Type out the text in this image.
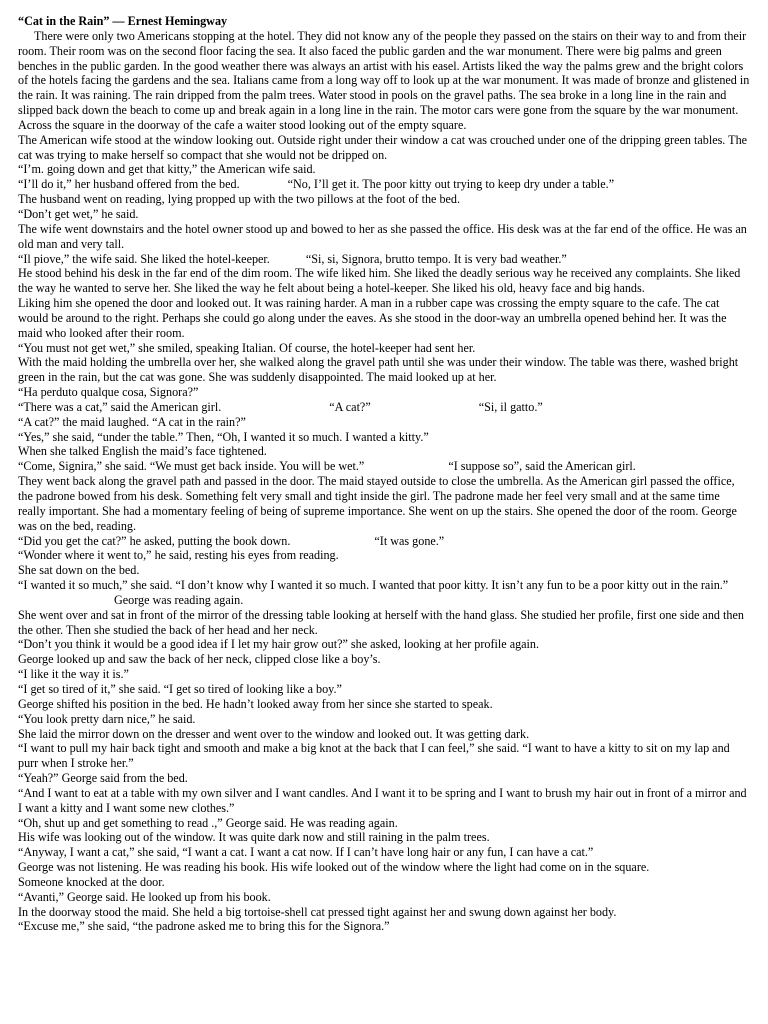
“Cat in the Rain” — Ernest Hemingway
There were only two Americans stopping at the hotel. They did not know any of the people they passed on the stairs on their way to and from their room. Their room was on the second floor facing the sea. It also faced the public garden and the war monument. There were big palms and green benches in the public garden. In the good weather there was always an artist with his easel. Artists liked the way the palms grew and the bright colors of the hotels facing the gardens and the sea. Italians came from a long way off to look up at the war monument. It was made of bronze and glistened in the rain. It was raining. The rain dripped from the palm trees. Water stood in pools on the gravel paths. The sea broke in a long line in the rain and slipped back down the beach to come up and break again in a long line in the rain. The motor cars were gone from the square by the war monument. Across the square in the doorway of the cafe a waiter stood looking out of the empty square.
The American wife stood at the window looking out. Outside right under their window a cat was crouched under one of the dripping green tables. The cat was trying to make herself so compact that she would not be dripped on.
“I’m. going down and get that kitty,” the American wife said.
“I’ll do it,” her husband offered from the bed.	“No, I’ll get it. The poor kitty out trying to keep dry under a table.”
The husband went on reading, lying propped up with the two pillows at the foot of the bed.
“Don’t get wet,” he said.
The wife went downstairs and the hotel owner stood up and bowed to her as she passed the office. His desk was at the far end of the office. He was an old man and very tall.
“Il piove,” the wife said. She liked the hotel-keeper.	“Si, si, Signora, brutto tempo. It is very bad weather.”
He stood behind his desk in the far end of the dim room. The wife liked him. She liked the deadly serious way he received any complaints. She liked the way he wanted to serve her. She liked the way he felt about being a hotel-keeper. She liked his old, heavy face and big hands.
Liking him she opened the door and looked out. It was raining harder. A man in a rubber cape was crossing the empty square to the cafe. The cat would be around to the right. Perhaps she could go along under the eaves. As she stood in the door-way an umbrella opened behind her. It was the maid who looked after their room.
“You must not get wet,” she smiled, speaking Italian. Of course, the hotel-keeper had sent her.
With the maid holding the umbrella over her, she walked along the gravel path until she was under their window. The table was there, washed bright green in the rain, but the cat was gone. She was suddenly disappointed. The maid looked up at her.
“Ha perduto qualque cosa, Signora?”
“There was a cat,” said the American girl.	“A cat?”	“Si, il gatto.”
“A cat?” the maid laughed. “A cat in the rain?”
“Yes,” she said, “under the table.” Then, “Oh, I wanted it so much. I wanted a kitty.”
When she talked English the maid’s face tightened.
“Come, Signira,” she said. “We must get back inside. You will be wet.”	“I suppose so”, said the American girl.
They went back along the gravel path and passed in the door. The maid stayed outside to close the umbrella. As the American girl passed the office, the padrone bowed from his desk. Something felt very small and tight inside the girl. The padrone made her feel very small and at the same time really important. She had a momentary feeling of being of supreme importance. She went on up the stairs. She opened the door of the room. George was on the bed, reading.
“Did you get the cat?” he asked, putting the book down.	“It was gone.”
“Wonder where it went to,” he said, resting his eyes from reading.
She sat down on the bed.
“I wanted it so much,” she said. “I don’t know why I wanted it so much. I wanted that poor kitty. It isn’t any fun to be a poor kitty out in the rain.”George was reading again.
She went over and sat in front of the mirror of the dressing table looking at herself with the hand glass. She studied her profile, first one side and then the other. Then she studied the back of her head and her neck.
“Don’t you think it would be a good idea if I let my hair grow out?” she asked, looking at her profile again.
George looked up and saw the back of her neck, clipped close like a boy’s.
“I like it the way it is.”
“I get so tired of it,” she said. “I get so tired of looking like a boy.”
George shifted his position in the bed. He hadn’t looked away from her since she started to speak.
“You look pretty darn nice,” he said.
She laid the mirror down on the dresser and went over to the window and looked out. It was getting dark.
“I want to pull my hair back tight and smooth and make a big knot at the back that I can feel,” she said. “I want to have a kitty to sit on my lap and purr when I stroke her.”
“Yeah?” George said from the bed.
“And I want to eat at a table with my own silver and I want candles. And I want it to be spring and I want to brush my hair out in front of a mirror and I want a kitty and I want some new clothes.”
“Oh, shut up and get something to read .,” George said. He was reading again.
His wife was looking out of the window. It was quite dark now and still raining in the palm trees.
“Anyway, I want a cat,” she said, “I want a cat. I want a cat now. If I can’t have long hair or any fun, I can have a cat.”
George was not listening. He was reading his book. His wife looked out of the window where the light had come on in the square.Someone knocked at the door.
“Avanti,” George said. He looked up from his book.
In the doorway stood the maid. She held a big tortoise-shell cat pressed tight against her and swung down against her body.
“Excuse me,” she said, “the padrone asked me to bring this for the Signora.”
